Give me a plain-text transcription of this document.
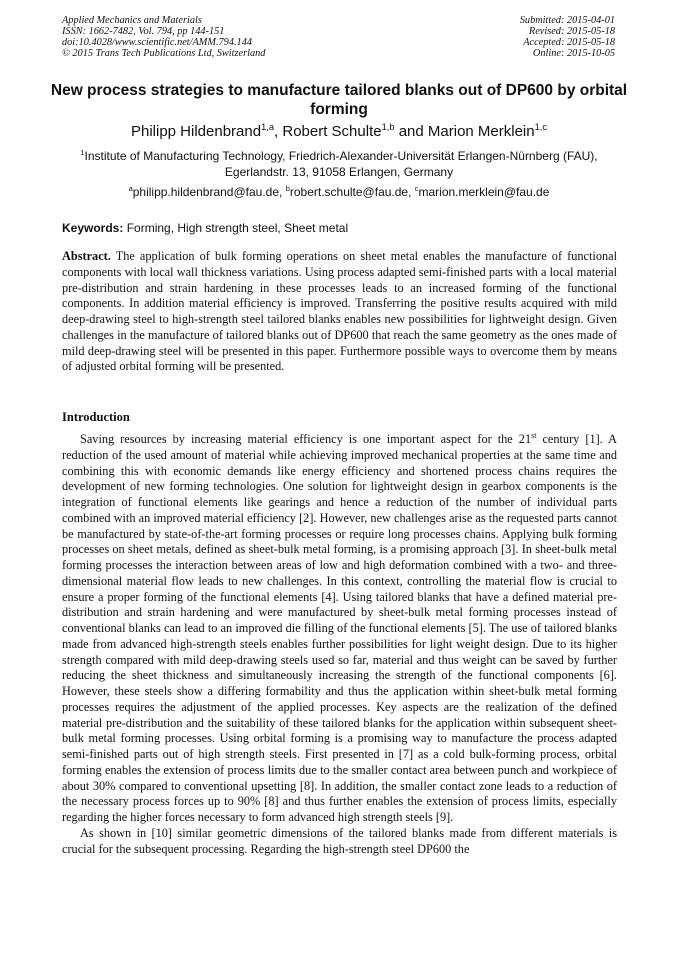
Applied Mechanics and Materials
ISSN: 1662-7482, Vol. 794, pp 144-151
doi:10.4028/www.scientific.net/AMM.794.144
© 2015 Trans Tech Publications Ltd, Switzerland
Submitted: 2015-04-01
Revised: 2015-05-18
Accepted: 2015-05-18
Online: 2015-10-05
New process strategies to manufacture tailored blanks out of DP600 by orbital forming
Philipp Hildenbrand$^{1,a}$, Robert Schulte$^{1,b}$ and Marion Merklein$^{1,c}$
$^1$Institute of Manufacturing Technology, Friedrich-Alexander-Universität Erlangen-Nürnberg (FAU),
Egerlandstr. 13, 91058 Erlangen, Germany
$^a$philipp.hildenbrand@fau.de, $^b$robert.schulte@fau.de, $^c$marion.merklein@fau.de
Keywords: Forming, High strength steel, Sheet metal
Abstract. The application of bulk forming operations on sheet metal enables the manufacture of functional components with local wall thickness variations. Using process adapted semi-finished parts with a local material pre-distribution and strain hardening in these processes leads to an increased forming of the functional components. In addition material efficiency is improved. Transferring the positive results acquired with mild deep-drawing steel to high-strength steel tailored blanks enables new possibilities for lightweight design. Given challenges in the manufacture of tailored blanks out of DP600 that reach the same geometry as the ones made of mild deep-drawing steel will be presented in this paper. Furthermore possible ways to overcome them by means of adjusted orbital forming will be presented.
Introduction

Saving resources by increasing material efficiency is one important aspect for the 21st century [1]. A reduction of the used amount of material while achieving improved mechanical properties at the same time and combining this with economic demands like energy efficiency and shortened process chains requires the development of new forming technologies. One solution for lightweight design in gearbox components is the integration of functional elements like gearings and hence a reduction of the number of individual parts combined with an improved material efficiency [2]. However, new challenges arise as the requested parts cannot be manufactured by state-of-the-art forming processes or require long processes chains. Applying bulk forming processes on sheet metals, defined as sheet-bulk metal forming, is a promising approach [3]. In sheet-bulk metal forming processes the interaction between areas of low and high deformation combined with a two- and three-dimensional material flow leads to new challenges. In this context, controlling the material flow is crucial to ensure a proper forming of the functional elements [4]. Using tailored blanks that have a defined material pre-distribution and strain hardening and were manufactured by sheet-bulk metal forming processes instead of conventional blanks can lead to an improved die filling of the functional elements [5]. The use of tailored blanks made from advanced high-strength steels enables further possibilities for light weight design. Due to its higher strength compared with mild deep-drawing steels used so far, material and thus weight can be saved by further reducing the sheet thickness and simultaneously increasing the strength of the functional components [6]. However, these steels show a differing formability and thus the application within sheet-bulk metal forming processes requires the adjustment of the applied processes. Key aspects are the realization of the defined material pre-distribution and the suitability of these tailored blanks for the application within subsequent sheet-bulk metal forming processes. Using orbital forming is a promising way to manufacture the process adapted semi-finished parts out of high strength steels. First presented in [7] as a cold bulk-forming process, orbital forming enables the extension of process limits due to the smaller contact area between punch and workpiece of about 30% compared to conventional upsetting [8]. In addition, the smaller contact zone leads to a reduction of the necessary process forces up to 90% [8] and thus further enables the extension of process limits, especially regarding the higher forces necessary to form advanced high strength steels [9].

As shown in [10] similar geometric dimensions of the tailored blanks made from different materials is crucial for the subsequent processing. Regarding the high-strength steel DP600 the
